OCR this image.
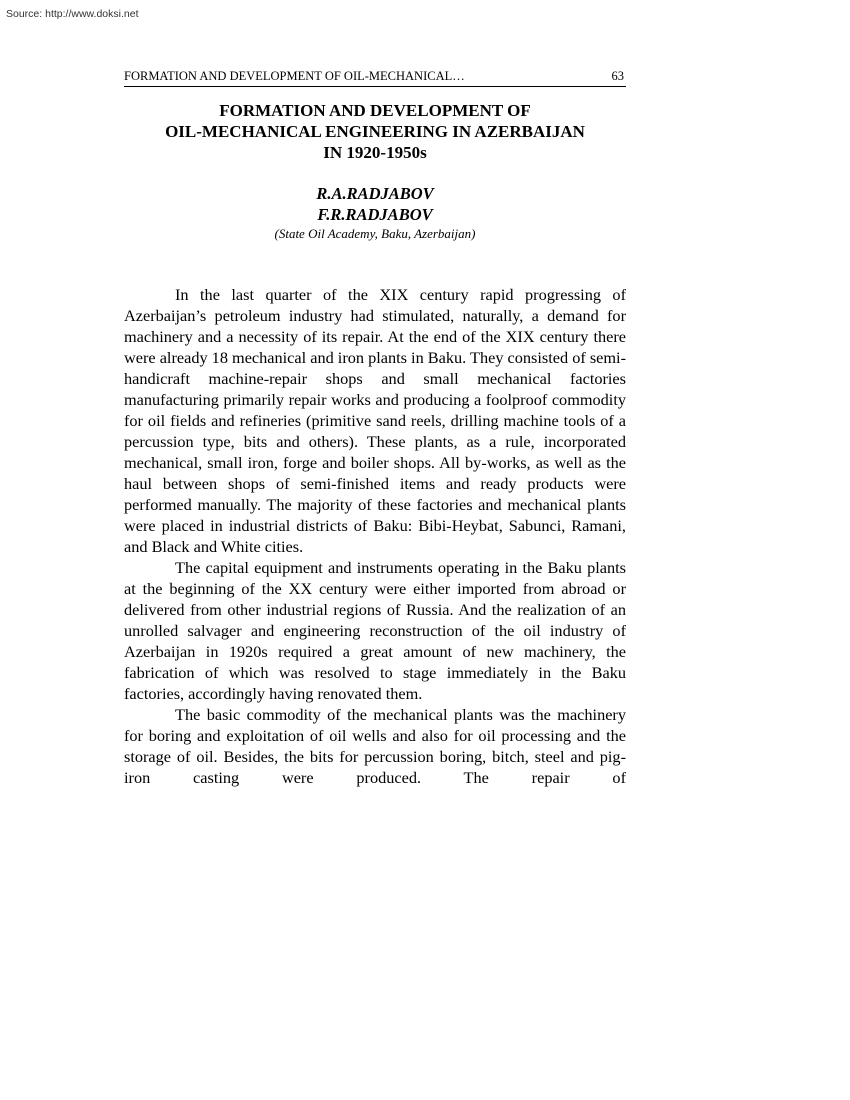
Source: http://www.doksi.net
FORMATION AND DEVELOPMENT OF OIL-MECHANICAL…	63
FORMATION AND DEVELOPMENT OF
OIL-MECHANICAL ENGINEERING IN AZERBAIJAN
IN 1920-1950s
R.A.RADJABOV
F.R.RADJABOV
(State Oil Academy, Baku, Azerbaijan)

In the last quarter of the XIX century rapid progressing of Azerbaijan’s petroleum industry had stimulated, naturally, a demand for machinery and a necessity of its repair. At the end of the XIX century there were already 18 mechanical and iron plants in Baku. They consisted of semi-handicraft machine-repair shops and small mechanical factories manufacturing primarily repair works and producing a foolproof commodity for oil fields and refineries (primitive sand reels, drilling machine tools of a percussion type, bits and others). These plants, as a rule, incorporated mechanical, small iron, forge and boiler shops. All by-works, as well as the haul between shops of semi-finished items and ready products were performed manually. The majority of these factories and mechanical plants were placed in industrial districts of Baku: Bibi-Heybat, Sabunci, Ramani, and Black and White cities.

The capital equipment and instruments operating in the Baku plants at the beginning of the XX century were either imported from abroad or delivered from other industrial regions of Russia. And the realization of an unrolled salvager and engineering reconstruction of the oil industry of Azerbaijan in 1920s required a great amount of new machinery, the fabrication of which was resolved to stage immediately in the Baku factories, accordingly having renovated them.

The basic commodity of the mechanical plants was the machinery for boring and exploitation of oil wells and also for oil processing and the storage of oil. Besides, the bits for percussion boring, bitch, steel and pig-iron casting were produced. The repair of
